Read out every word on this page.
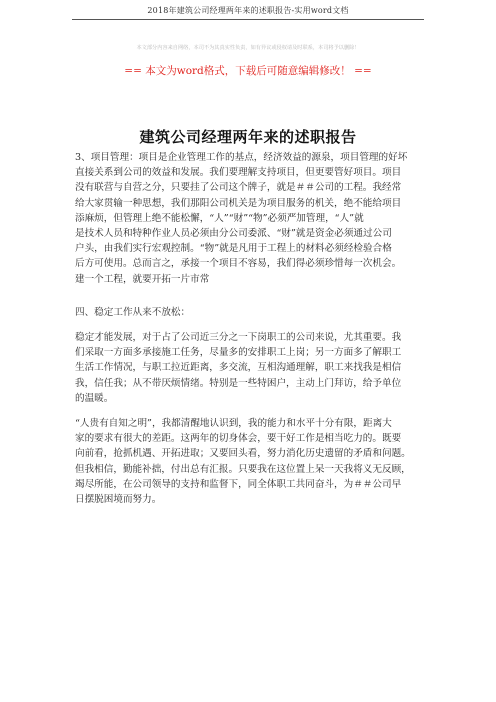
2018年建筑公司经理两年来的述职报告-实用word文档
本文部分内容来自网络，本司不为其真实性负责，如有异议或侵权请及时联系，本司将予以删除！
== 本文为word格式，下载后可随意编辑修改！ ==
建筑公司经理两年来的述职报告
3、项目管理：项目是企业管理工作的基点，经济效益的源泉，项目管理的好坏
直接关系到公司的效益和发展。我们要理解支持项目，但更要管好项目。项目
没有联营与自营之分，只要挂了公司这个牌子，就是＃＃公司的工程。我经常
给大家贯输一种思想，我们那阳公司机关是为项目服务的机关，绝不能给项目
添麻烦，但管理上绝不能松懈，“人”“财”“物”必须严加管理，“人”就
是技术人员和特种作业人员必须由分公司委派、“财”就是资金必须通过公司
户头，由我们实行宏观控制。“物”就是凡用于工程上的材料必须经检验合格
后方可使用。总而言之，承接一个项目不容易，我们得必须珍惜每一次机会。
建一个工程，就要开拓一片市常
四、稳定工作从来不放松：
稳定才能发展，对于占了公司近三分之一下岗职工的公司来说，尤其重要。我
们采取一方面多承接施工任务，尽量多的安排职工上岗；另一方面多了解职工
生活工作情况，与职工拉近距离，多交流，互相沟通理解，职工来找我是相信
我，信任我；从不带厌烦情绪。特别是一些特困户，主动上门拜访，给予单位
的温暖。
“人贵有自知之明”，我都清醒地认识到，我的能力和水平十分有限，距离大
家的要求有很大的差距。这两年的切身体会，要干好工作是相当吃力的。既要
向前看，抢抓机遇、开拓进取；又要回头看，努力消化历史遗留的矛盾和问题。
但我相信，勤能补拙，付出总有汇报。只要我在这位置上呆一天我将义无反顾，
竭尽所能，在公司领导的支持和监督下，同全体职工共同奋斗，为＃＃公司早
日摆脱困境而努力。
